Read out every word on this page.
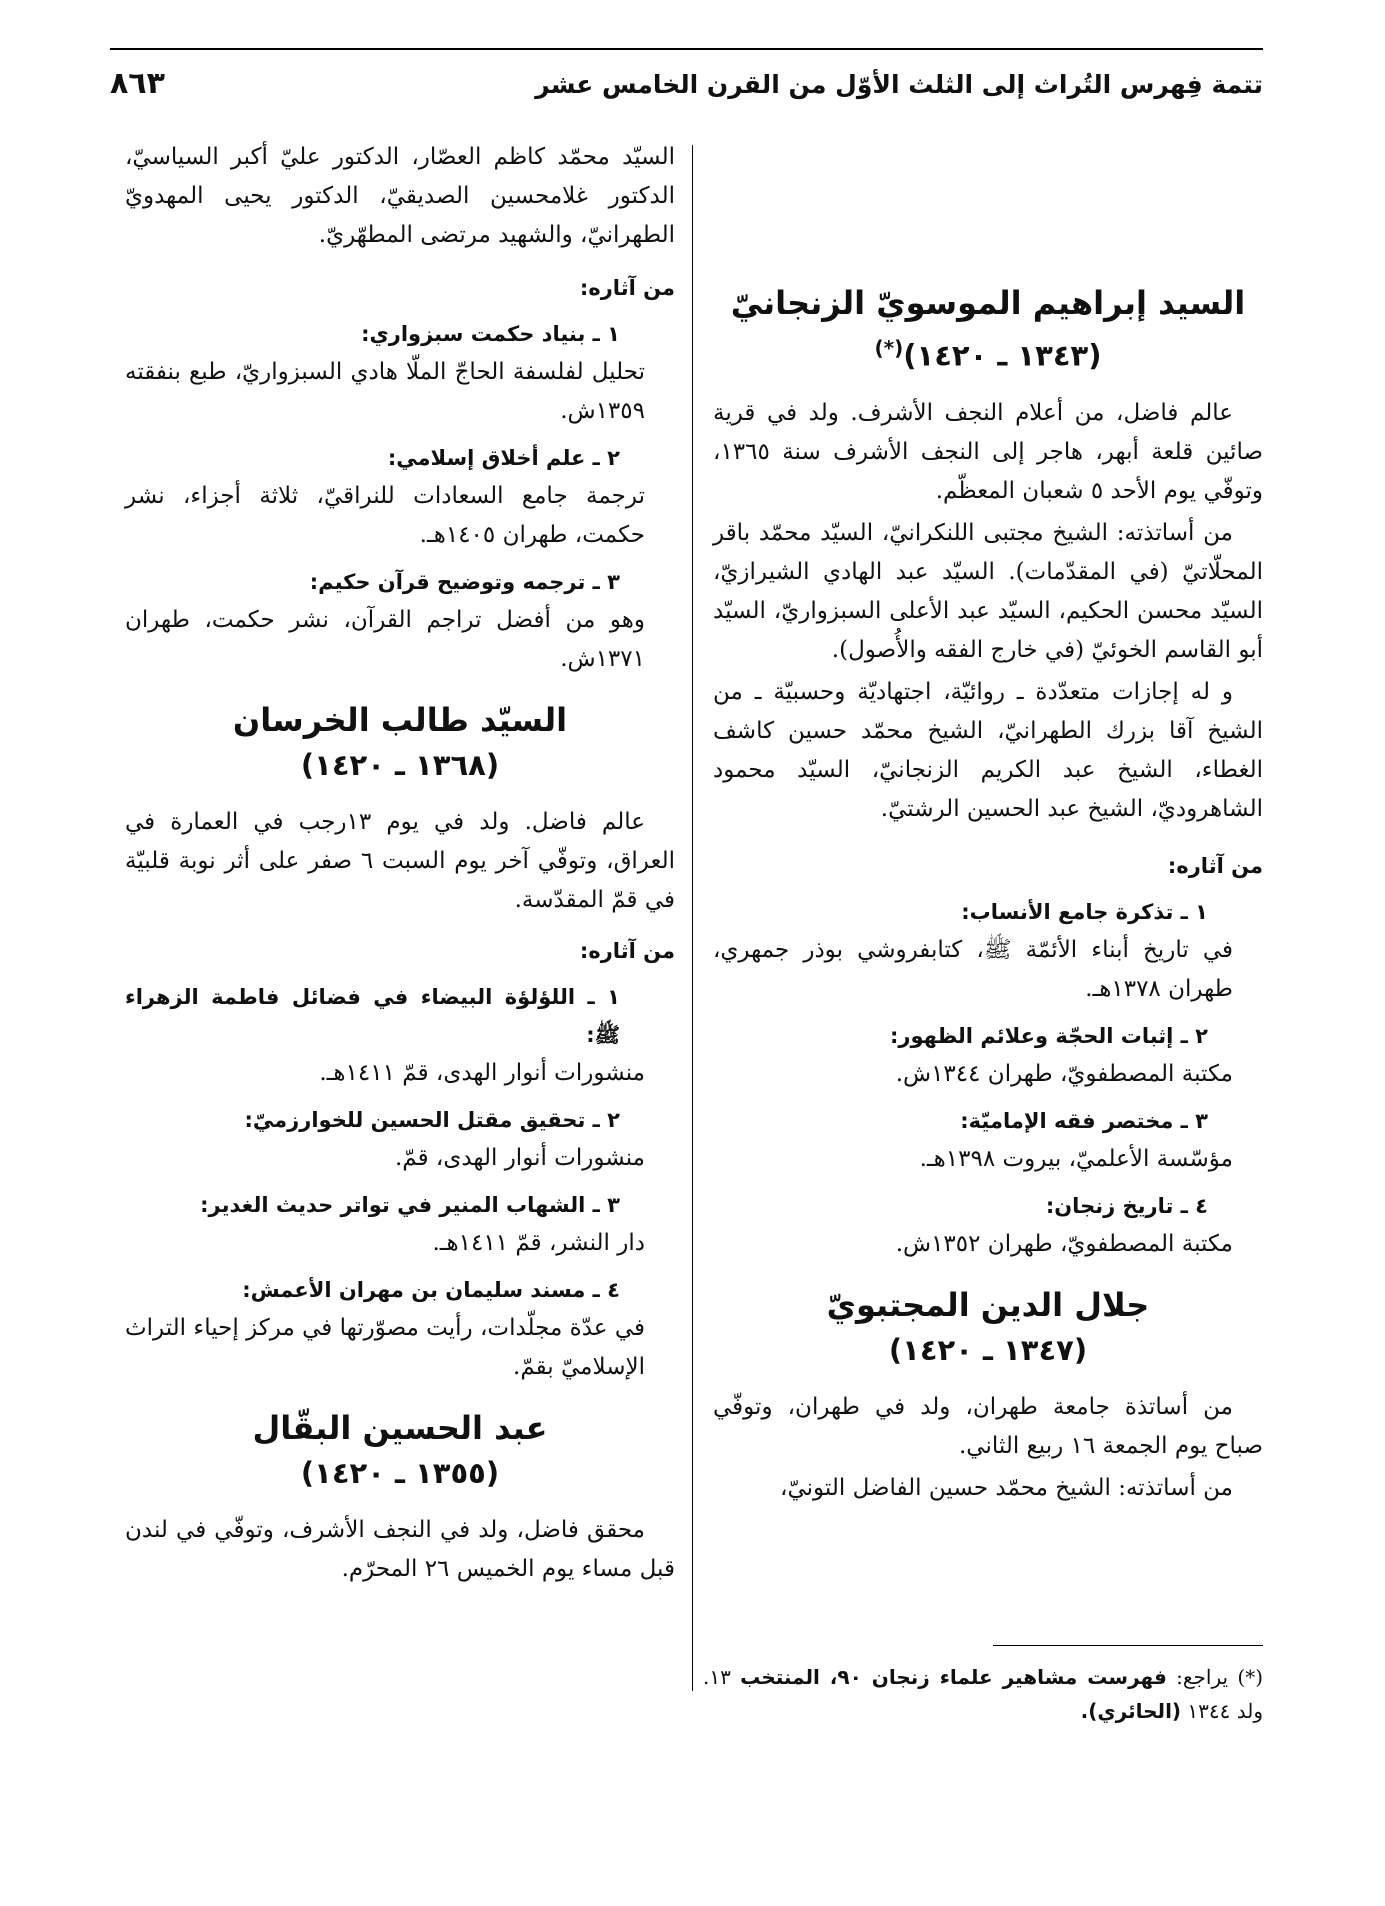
تتمة فِهرس التُراث إلى الثلث الأوّل من القرن الخامس عشر
٨٦٣
السيد إبراهيم الموسويّ الزنجانيّ
(١٣٤٣ ـ ١٤٢٠)(*)

عالم فاضل، من أعلام النجف الأشرف. ولد في قرية صائين قلعة أبهر، هاجر إلى النجف الأشرف سنة ١٣٦٥، وتوفّي يوم الأحد ٥ شعبان المعظّم.

من أساتذته: الشيخ مجتبى اللنكرانيّ، السيّد محمّد باقر المحلّاتيّ (في المقدّمات). السيّد عبد الهادي الشيرازيّ، السيّد محسن الحكيم، السيّد عبد الأعلى السبزواريّ، السيّد أبو القاسم الخوئيّ (في خارج الفقه والأُصول).

و له إجازات متعدّدة ـ روائيّة، اجتهاديّة وحسبيّة ـ من الشيخ آقا بزرك الطهرانيّ، الشيخ محمّد حسين كاشف الغطاء، الشيخ عبد الكريم الزنجانيّ، السيّد محمود الشاهروديّ، الشيخ عبد الحسين الرشتيّ.

من آثاره:

١ ـ تذكرة جامع الأنساب:

في تاريخ أبناء الأئمّة ﷺ، كتابفروشي بوذر جمهري، طهران ١٣٧٨هـ.

٢ ـ إثبات الحجّة وعلائم الظهور:

مكتبة المصطفويّ، طهران ١٣٤٤ش.

٣ ـ مختصر فقه الإماميّة:

مؤسّسة الأعلميّ، بيروت ١٣٩٨هـ.

٤ ـ تاريخ زنجان:

مكتبة المصطفويّ، طهران ١٣٥٢ش.

جلال الدين المجتبويّ
(١٣٤٧ ـ ١٤٢٠)

من أساتذة جامعة طهران، ولد في طهران، وتوفّي صباح يوم الجمعة ١٦ ربيع الثاني.

من أساتذته: الشيخ محمّد حسين الفاضل التونيّ،

السيّد محمّد كاظم العصّار، الدكتور عليّ أكبر السياسيّ، الدكتور غلامحسين الصديقيّ، الدكتور يحيى المهدويّ الطهرانيّ، والشهيد مرتضى المطهّريّ.

من آثاره:

١ ـ بنياد حكمت سبزواري:

تحليل لفلسفة الحاجّ الملّا هادي السبزواريّ، طبع بنفقته ١٣٥٩ش.

٢ ـ علم أخلاق إسلامي:

ترجمة جامع السعادات للنراقيّ، ثلاثة أجزاء، نشر حكمت، طهران ١٤٠٥هـ.

٣ ـ ترجمه وتوضيح قرآن حكيم:

وهو من أفضل تراجم القرآن، نشر حكمت، طهران ١٣٧١ش.

السيّد طالب الخرسان
(١٣٦٨ ـ ١٤٢٠)

عالم فاضل. ولد في يوم ١٣رجب في العمارة في العراق، وتوفّي آخر يوم السبت ٦ صفر على أثر نوبة قلبيّة في قمّ المقدّسة.

من آثاره:

١ ـ اللؤلؤة البيضاء في فضائل فاطمة الزهراء ﷺ:

منشورات أنوار الهدى، قمّ ١٤١١هـ.

٢ ـ تحقيق مقتل الحسين للخوارزميّ:

منشورات أنوار الهدى، قمّ.

٣ ـ الشهاب المنير في تواتر حديث الغدير:

دار النشر، قمّ ١٤١١هـ.

٤ ـ مسند سليمان بن مهران الأعمش:

في عدّة مجلّدات، رأيت مصوّرتها في مركز إحياء التراث الإسلاميّ بقمّ.

عبد الحسين البقّال
(١٣٥٥ ـ ١٤٢٠)

محقق فاضل، ولد في النجف الأشرف، وتوفّي في لندن قبل مساء يوم الخميس ٢٦ المحرّم.

(*) يراجع: فهرست مشاهير علماء زنجان ٩٠، المنتخب ١٣. ولد ١٣٤٤ (الحائري).
